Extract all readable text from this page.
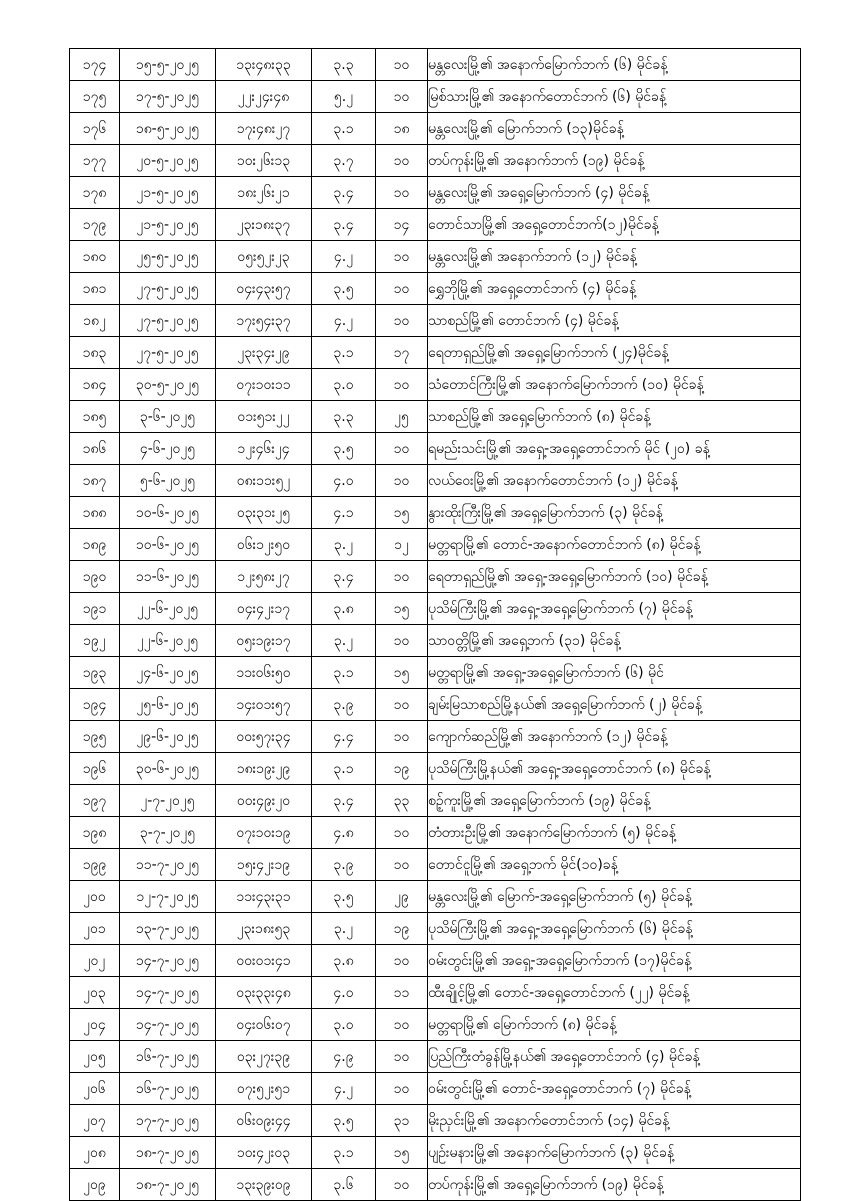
၁၇၄	၁၅-၅-၂၀၂၅	၁၃း၄၈း၃၃	၃.၃	၁၀	မန္တလေးမြို့၏ အနောက်မြောက်ဘက် (၆) မိုင်ခန့်
၁၇၅	၁၇-၅-၂၀၂၅	၂၂း၂၄း၄၈	၅.၂	၁၀	မြစ်သားမြို့၏ အနောက်တောင်ဘက် (၆) မိုင်ခန့်
၁၇၆	၁၈-၅-၂၀၂၅	၁၇း၄၈း၂၇	၃.၁	၁၈	မန္တလေးမြို့၏ မြောက်ဘက် (၁၃)မိုင်ခန့်
၁၇၇	၂၀-၅-၂၀၂၅	၁၀း၂၆း၁၃	၃.၇	၁၀	တပ်ကုန်းမြို့၏ အနောက်ဘက် (၁၉) မိုင်ခန့်
၁၇၈	၂၁-၅-၂၀၂၅	၁၈း၂၆း၂၁	၃.၄	၁၀	မန္တလေးမြို့၏ အရှေ့မြောက်ဘက် (၄) မိုင်ခန့်
၁၇၉	၂၁-၅-၂၀၂၅	၂၃း၁၈း၃၇	၃.၄	၁၄	တောင်သာမြို့၏ အရှေ့တောင်ဘက်(၁၂)မိုင်ခန့်
၁၈၀	၂၅-၅-၂၀၂၅	၀၅း၅၂း၂၃	၄.၂	၁၀	မန္တလေးမြို့၏ အနောက်ဘက် (၁၂) မိုင်ခန့်
၁၈၁	၂၇-၅-၂၀၂၅	၀၄း၄၃း၅၇	၃.၅	၁၀	ရွှေဘိုမြို့၏ အရှေ့တောင်ဘက် (၄) မိုင်ခန့်
၁၈၂	၂၇-၅-၂၀၂၅	၁၇း၅၄း၃၇	၄.၂	၁၀	သာစည်မြို့၏ တောင်ဘက် (၄) မိုင်ခန့်
၁၈၃	၂၇-၅-၂၀၂၅	၂၃း၃၄း၂၉	၃.၁	၁၇	ရေတာရှည်မြို့၏ အရှေ့မြောက်ဘက် (၂၄)မိုင်ခန့်
၁၈၄	၃၀-၅-၂၀၂၅	၀၇း၁၀း၁၁	၃.၀	၁၀	သံတောင်ကြီးမြို့၏ အနောက်မြောက်ဘက် (၁၀) မိုင်ခန့်
၁၈၅	၃-၆-၂၀၂၅	၀၁း၅၁း၂၂	၃.၃	၂၅	သာစည်မြို့၏ အရှေ့မြောက်ဘက် (၈) မိုင်ခန့်
၁၈၆	၄-၆-၂၀၂၅	၁၂း၄၆း၂၄	၃.၅	၁၀	ရမည်းသင်းမြို့၏ အရှေ့-အရှေ့တောင်ဘက် မိုင် (၂၀) ခန့်
၁၈၇	၅-၆-၂၀၂၅	၀၈း၁၁း၅၂	၄.၀	၁၀	လယ်ဝေးမြို့၏ အနောက်တောင်ဘက် (၁၂) မိုင်ခန့်
၁၈၈	၁၀-၆-၂၀၂၅	၀၃း၃၁း၂၅	၄.၁	၁၅	နွားထိုးကြီးမြို့၏ အရှေ့မြောက်ဘက် (၃) မိုင်ခန့်
၁၈၉	၁၀-၆-၂၀၂၅	၀၆း၁၂း၅၀	၃.၂	၁၂	မတ္တရာမြို့၏ တောင်-အနောက်တောင်ဘက် (၈) မိုင်ခန့်
၁၉၀	၁၁-၆-၂၀၂၅	၁၂း၅၈း၂၇	၃.၄	၁၀	ရေတာရှည်မြို့၏ အရှေ့-အရှေ့မြောက်ဘက် (၁၀) မိုင်ခန့်
၁၉၁	၂၂-၆-၂၀၂၅	၀၄း၄၂း၁၇	၃.၈	၁၅	ပုသိမ်ကြီးမြို့၏ အရှေ့-အရှေ့မြောက်ဘက် (၇) မိုင်ခန့်
၁၉၂	၂၂-၆-၂၀၂၅	၀၅း၁၉း၁၇	၃.၂	၁၀	သာဝတ္တိမြို့၏ အရှေ့ဘက် (၃၁) မိုင်ခန့်
၁၉၃	၂၄-၆-၂၀၂၅	၁၁း၀၆း၅၀	၃.၁	၁၅	မတ္တရာမြို့၏ အရှေ့-အရှေ့မြောက်ဘက် (၆) မိုင်
၁၉၄	၂၅-၆-၂၀၂၅	၁၄း၀၁း၅၇	၃.၉	၁၀	ချမ်းမြသာစည်မြို့နယ်၏ အရှေ့မြောက်ဘက် (၂) မိုင်ခန့်
၁၉၅	၂၉-၆-၂၀၂၅	၀၀း၅၇း၃၄	၄.၄	၁၀	ကျောက်ဆည်မြို့၏ အနောက်ဘက် (၁၂) မိုင်ခန့်
၁၉၆	၃၀-၆-၂၀၂၅	၁၈း၁၉း၂၉	၃.၁	၁၉	ပုသိမ်ကြီးမြို့နယ်၏ အရှေ့-အရှေ့တောင်ဘက် (၈) မိုင်ခန့်
၁၉၇	၂-၇-၂၀၂၅	၀၀း၄၉း၂၀	၃.၄	၃၃	စဥ့်ကူးမြို့၏ အရှေ့မြောက်ဘက် (၁၉) မိုင်ခန့်
၁၉၈	၃-၇-၂၀၂၅	၀၇း၁၀း၁၉	၄.၈	၁၀	တံတားဦးမြို့၏ အနောက်မြောက်ဘက် (၅) မိုင်ခန့်
၁၉၉	၁၁-၇-၂၀၂၅	၁၅း၄၂း၁၉	၃.၉	၁၀	တောင်ငူမြို့၏ အရှေ့ဘက် မိုင်(၁၀)ခန့်
၂၀၀	၁၂-၇-၂၀၂၅	၁၁း၄၃း၃၁	၃.၅	၂၉	မန္တလေးမြို့၏ မြောက်-အရှေ့မြောက်ဘက် (၅) မိုင်ခန့်
၂၀၁	၁၃-၇-၂၀၂၅	၂၃း၁၈း၅၃	၃.၂	၁၉	ပုသိမ်ကြီးမြို့၏ အရှေ့-အရှေ့မြောက်ဘက် (၆) မိုင်ခန့်
၂၀၂	၁၄-၇-၂၀၂၅	၀၀း၀၁း၄၁	၃.၈	၁၀	ဝမ်းတွင်းမြို့၏ အရှေ့-အရှေ့မြောက်ဘက် (၁၇)မိုင်ခန့်
၂၀၃	၁၄-၇-၂၀၂၅	၀၃း၃၃း၄၈	၄.၀	၁၁	ထီးချိုင့်မြို့၏ တောင်-အရှေ့တောင်ဘက် (၂၂) မိုင်ခန့်
၂၀၄	၁၄-၇-၂၀၂၅	၀၄း၀၆း၀၇	၃.၀	၁၀	မတ္တရာမြို့၏ မြောက်ဘက် (၈) မိုင်ခန့်
၂၀၅	၁၆-၇-၂၀၂၅	၀၃း၂၇း၃၉	၄.၉	၁၀	ပြည်ကြီးတံခွန်မြို့နယ်၏ အရှေ့တောင်ဘက် (၄) မိုင်ခန့်
၂၀၆	၁၆-၇-၂၀၂၅	၀၇း၅၂း၅၁	၄.၂	၁၀	ဝမ်းတွင်းမြို့၏ တောင်-အရှေ့တောင်ဘက် (၇) မိုင်ခန့်
၂၀၇	၁၇-၇-၂၀၂၅	၀၆း၀၉း၄၄	၃.၅	၃၁	မိုးညှင်းမြို့၏ အနောက်တောင်ဘက် (၁၄) မိုင်ခန့်
၂၀၈	၁၈-၇-၂၀၂၅	၁၀း၄၂း၀၃	၃.၁	၁၅	ပျဉ်းမနားမြို့၏ အနောက်မြောက်ဘက် (၃) မိုင်ခန့်
၂၀၉	၁၈-၇-၂၀၂၅	၁၃း၃၉း၀၉	၃.၆	၁၀	တပ်ကုန်းမြို့၏ အရှေ့မြောက်ဘက် (၁၉) မိုင်ခန့်
